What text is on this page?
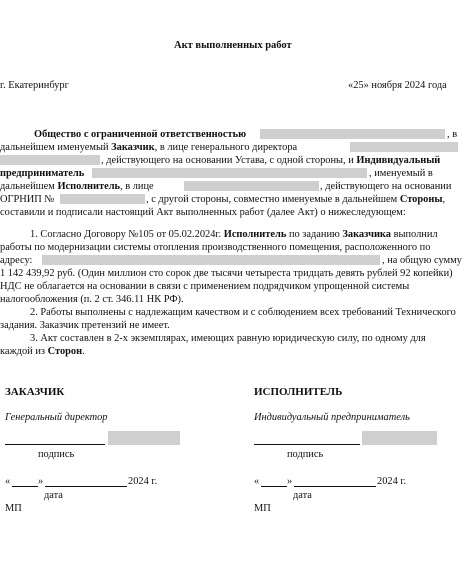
Акт выполненных работ
г. Екатеринбург	«25» ноября 2024 года
Общество с ограниченной ответственностью	, в
дальнейшем именуемый Заказчик, в лице генерального директора
, действующего на основании Устава, с одной стороны, и Индивидуальный
предприниматель	, именуемый в
дальнейшем Исполнитель, в лице	, действующего на основании
ОГРНИП №	, с другой стороны, совместно именуемые в дальнейшем Стороны,
составили и подписали настоящий Акт выполненных работ (далее Акт) о нижеследующем:
1. Согласно Договору №105 от 05.02.2024г. Исполнитель по заданию Заказчика выполнил
работы по модернизации системы отопления производственного помещения, расположенного по
адресу:	, на общую сумму
1 142 439,92 руб. (Один миллион сто сорок две тысячи четыреста тридцать девять рублей 92 копейки)
НДС не облагается на основании в связи с применением подрядчиком упрощенной системы
налогообложения (п. 2 ст. 346.11 НК РФ).
2. Работы выполнены с надлежащим качеством и с соблюдением всех требований Технического
задания. Заказчик претензий не имеет.
3. Акт составлен в 2-х экземплярах, имеющих равную юридическую силу, по одному для
каждой из Сторон.
ЗАКАЗЧИК
Генеральный директор
подпись
«	»	2024 г.
дата
МП
ИСПОЛНИТЕЛЬ
Индивидуальный предприниматель
подпись
«	»	2024 г.
дата
МП
